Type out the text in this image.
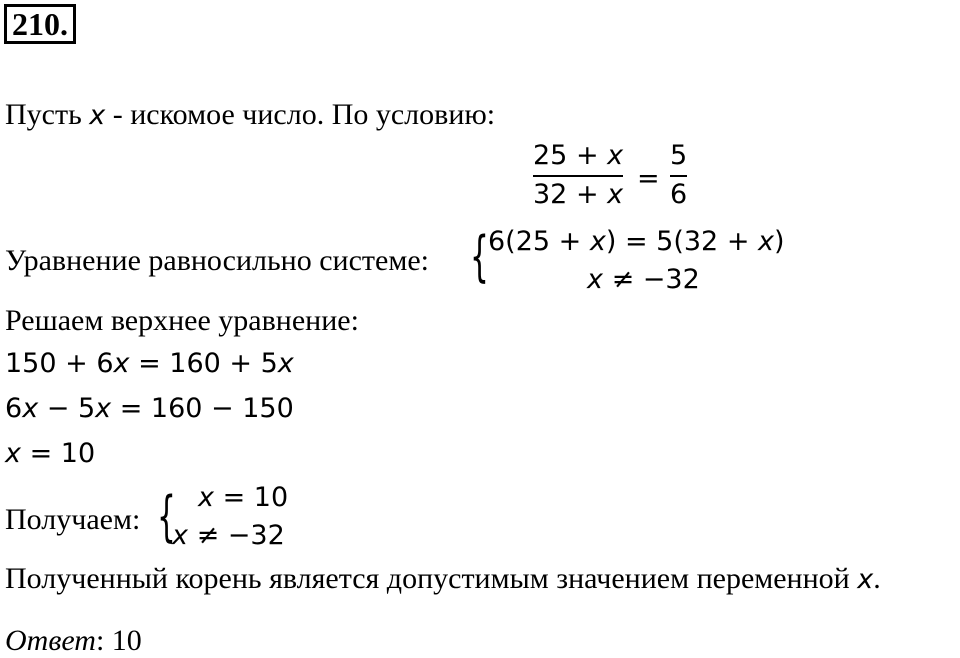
210.
Пусть x - искомое число. По условию:
25 + x
32 + x
=
5
6
Уравнение равносильно системе: { 6(25 + x) = 5(32 + x)
x ≠ −32
Решаем верхнее уравнение:
150 + 6x = 160 + 5x
6x − 5x = 160 − 150
x = 10
Получаем: { x = 10
x ≠ −32
Полученный корень является допустимым значением переменной x.
Ответ: 10
